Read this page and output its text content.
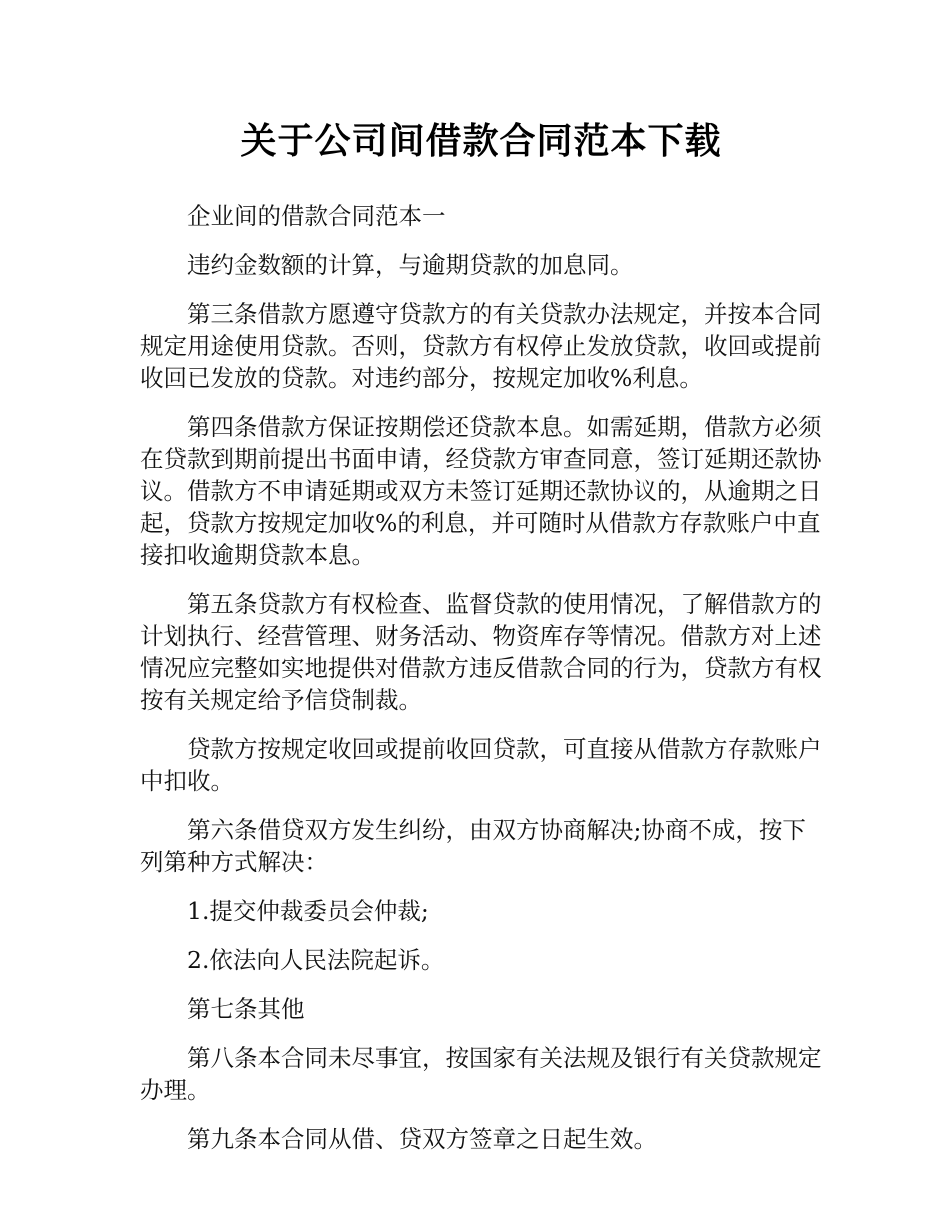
关于公司间借款合同范本下载

企业间的借款合同范本一

违约金数额的计算，与逾期贷款的加息同。

第三条借款方愿遵守贷款方的有关贷款办法规定，并按本合同规定用途使用贷款。否则，贷款方有权停止发放贷款，收回或提前收回已发放的贷款。对违约部分，按规定加收%利息。

第四条借款方保证按期偿还贷款本息。如需延期，借款方必须在贷款到期前提出书面申请，经贷款方审查同意，签订延期还款协议。借款方不申请延期或双方未签订延期还款协议的，从逾期之日起，贷款方按规定加收%的利息，并可随时从借款方存款账户中直接扣收逾期贷款本息。

第五条贷款方有权检查、监督贷款的使用情况，了解借款方的计划执行、经营管理、财务活动、物资库存等情况。借款方对上述情况应完整如实地提供对借款方违反借款合同的行为，贷款方有权按有关规定给予信贷制裁。

贷款方按规定收回或提前收回贷款，可直接从借款方存款账户中扣收。

第六条借贷双方发生纠纷，由双方协商解决;协商不成，按下列第种方式解决：

1.提交仲裁委员会仲裁;

2.依法向人民法院起诉。

第七条其他

第八条本合同未尽事宜，按国家有关法规及银行有关贷款规定办理。

第九条本合同从借、贷双方签章之日起生效。
